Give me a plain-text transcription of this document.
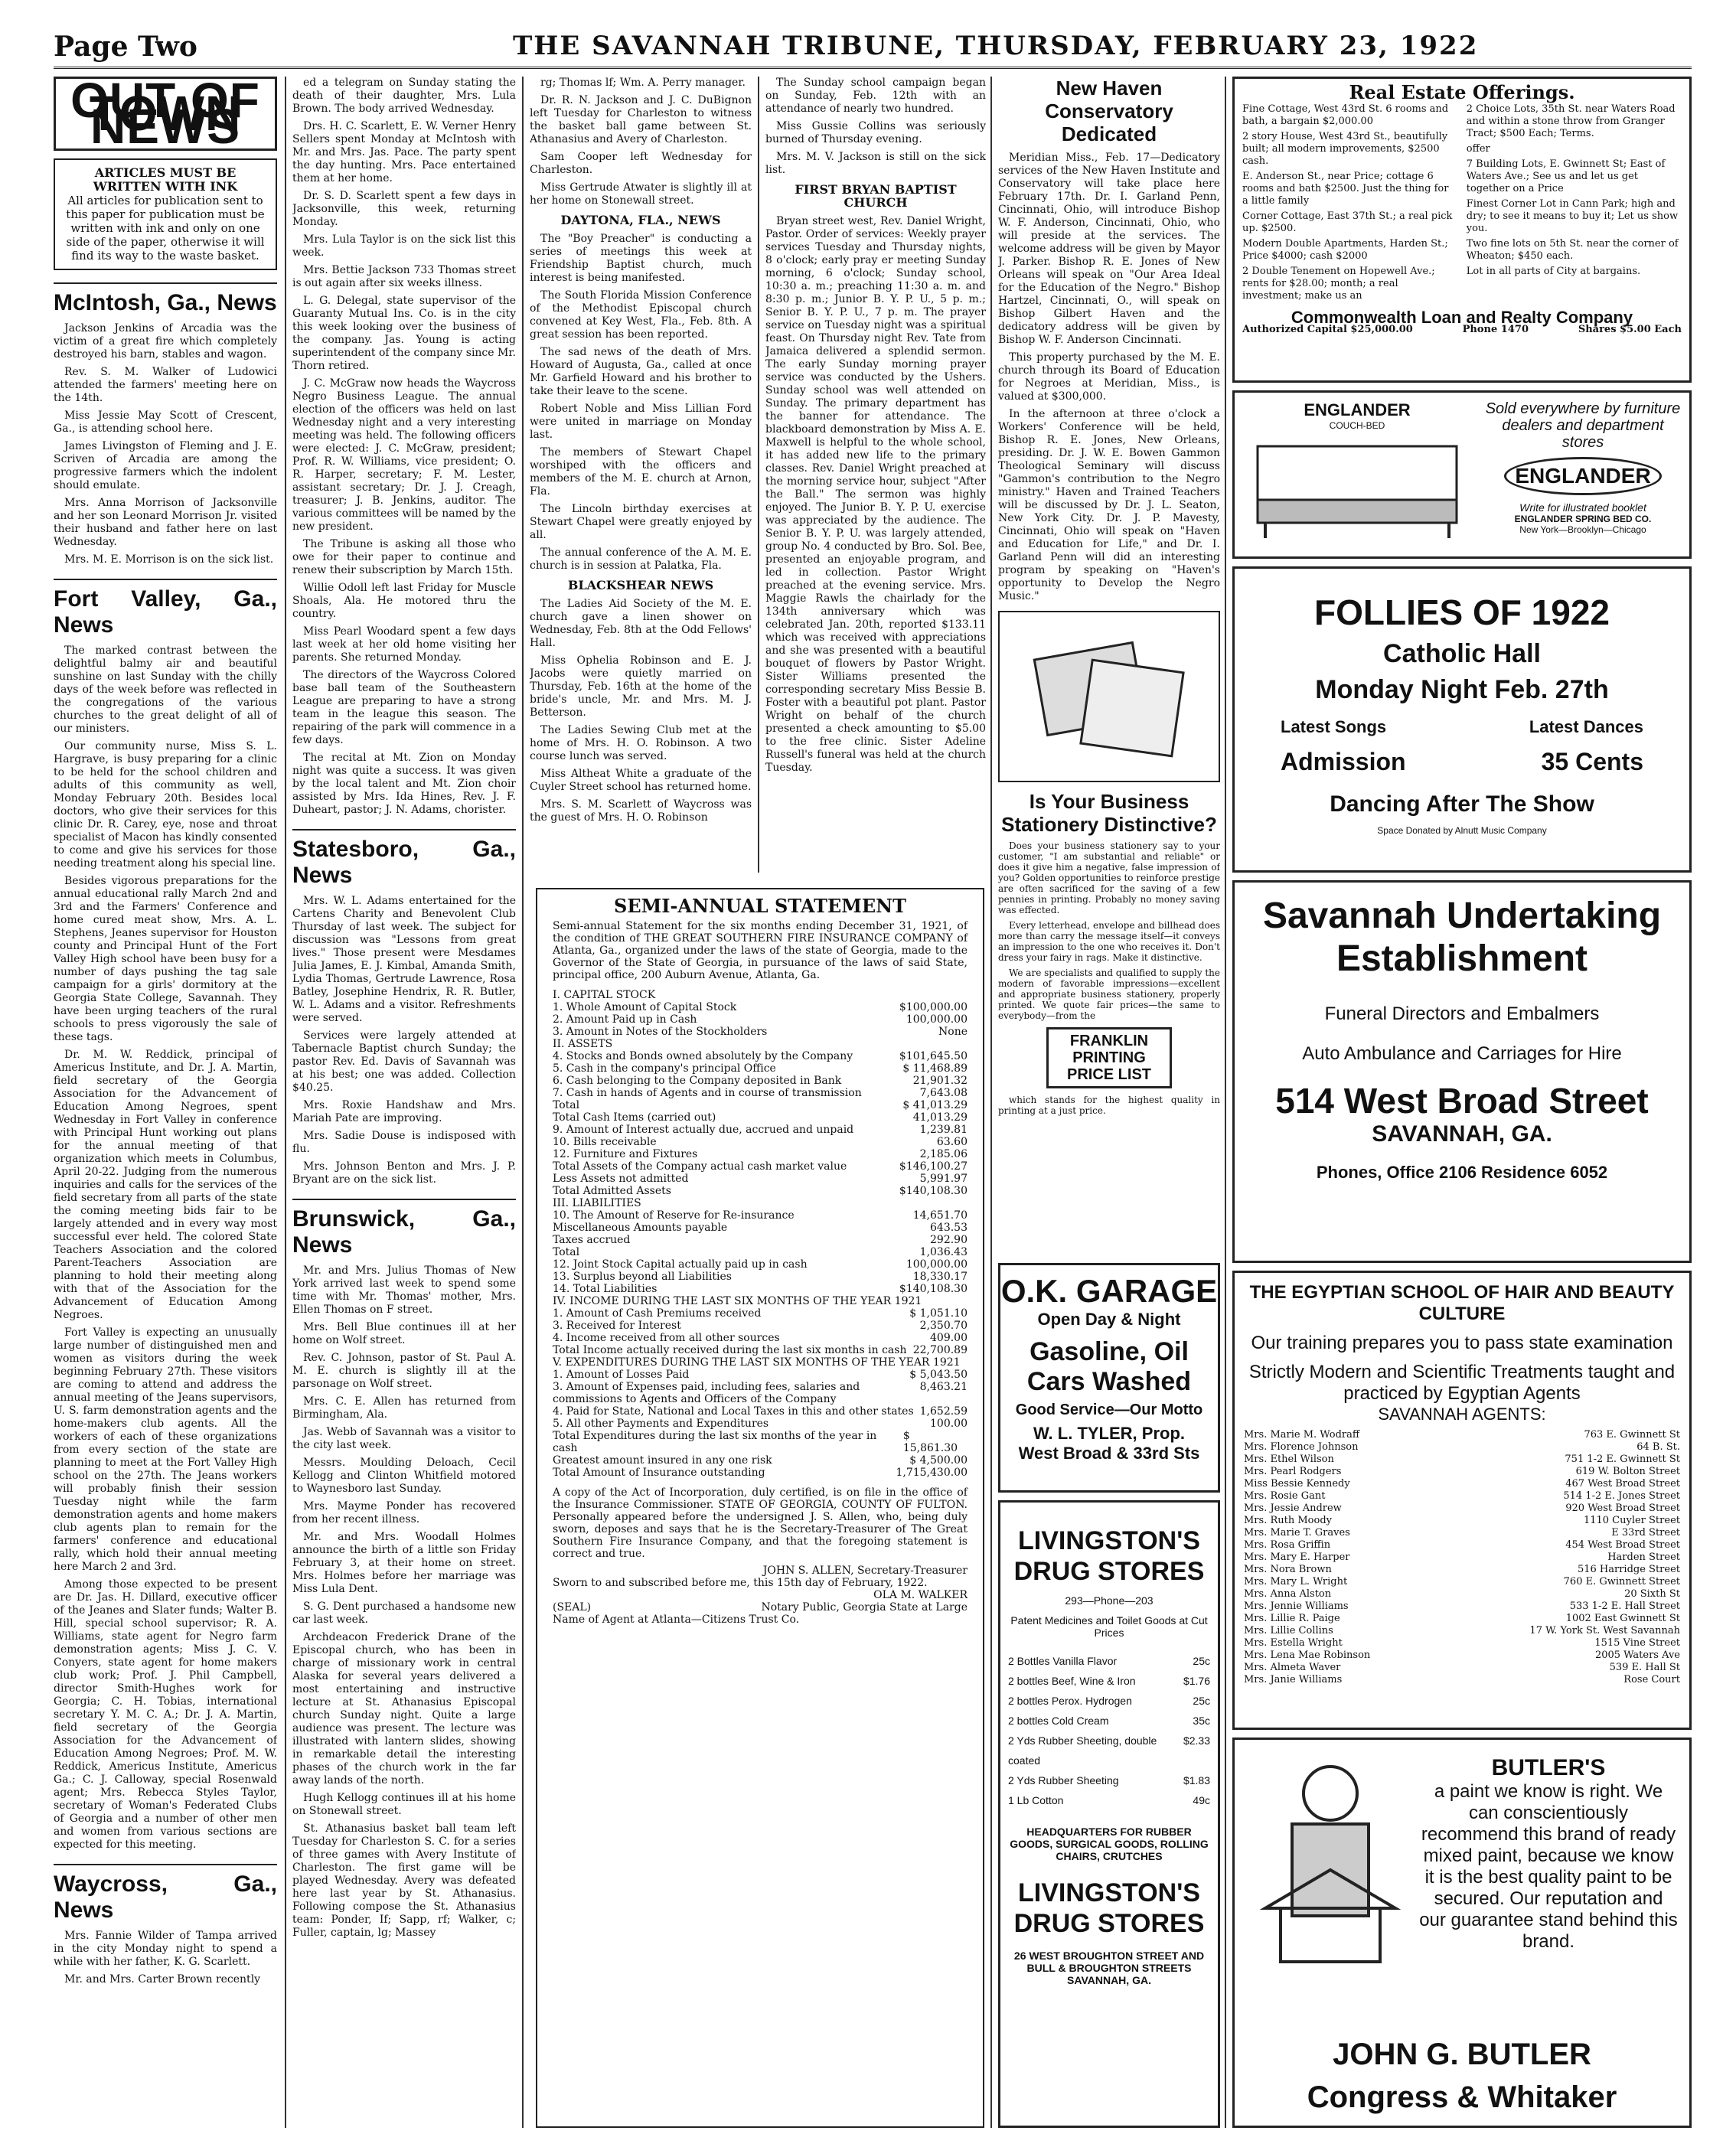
Page Two	THE SAVANNAH TRIBUNE, THURSDAY, FEBRUARY 23, 1922
OUT OF TOWN NEWS
ARTICLES MUST BE WRITTEN WITH INK
All articles for publication sent to this paper for publication must be written with ink and only on one side of the paper, otherwise it will find its way to the waste basket.
McIntosh, Ga., News

Jackson Jenkins of Arcadia was the victim of a great fire which completely destroyed his barn, stables and wagon.

Rev. S. M. Walker of Ludowici attended the farmers' meeting here on the 14th.

Miss Jessie May Scott of Crescent, Ga., is attending school here.

James Livingston of Fleming and J. E. Scriven of Arcadia are among the progressive farmers which the indolent should emulate.

Mrs. Anna Morrison of Jacksonville and her son Leonard Morrison Jr. visited their husband and father here on last Wednesday.

Mrs. M. E. Morrison is on the sick list.

Fort Valley, Ga., News

The marked contrast between the delightful balmy air and beautiful sunshine on last Sunday with the chilly days of the week before was reflected in the congregations of the various churches to the great delight of all of our ministers.

Our community nurse, Miss S. L. Hargrave, is busy preparing for a clinic to be held for the school children and adults of this community as well, Monday February 20th. Besides local doctors, who give their services for this clinic Dr. R. Carey, eye, nose and throat specialist of Macon has kindly consented to come and give his services for those needing treatment along his special line.

Besides vigorous preparations for the annual educational rally March 2nd and 3rd and the Farmers' Conference and home cured meat show, Mrs. A. L. Stephens, Jeanes supervisor for Houston county and Principal Hunt of the Fort Valley High school have been busy for a number of days pushing the tag sale campaign for a girls' dormitory at the Georgia State College, Savannah. They have been urging teachers of the rural schools to press vigorously the sale of these tags.

Dr. M. W. Reddick, principal of Americus Institute, and Dr. J. A. Martin, field secretary of the Georgia Association for the Advancement of Education Among Negroes, spent Wednesday in Fort Valley in conference with Principal Hunt working out plans for the annual meeting of that organization which meets in Columbus, April 20-22. Judging from the numerous inquiries and calls for the services of the field secretary from all parts of the state the coming meeting bids fair to be largely attended and in every way most successful ever held. The colored State Teachers Association and the colored Parent-Teachers Association are planning to hold their meeting along with that of the Association for the Advancement of Education Among Negroes.

Fort Valley is expecting an unusually large number of distinguished men and women as visitors during the week beginning February 27th. These visitors are coming to attend and address the annual meeting of the Jeans supervisors, U. S. farm demonstration agents and the home-makers club agents. All the workers of each of these organizations from every section of the state are planning to meet at the Fort Valley High school on the 27th. The Jeans workers will probably finish their session Tuesday night while the farm demonstration agents and home makers club agents plan to remain for the farmers' conference and educational rally, which hold their annual meeting here March 2 and 3rd.

Among those expected to be present are Dr. Jas. H. Dillard, executive officer of the Jeanes and Slater funds; Walter B. Hill, special school supervisor; R. A. Williams, state agent for Negro farm demonstration agents; Miss J. C. V. Conyers, state agent for home makers club work; Prof. J. Phil Campbell, director Smith-Hughes work for Georgia; C. H. Tobias, international secretary Y. M. C. A.; Dr. J. A. Martin, field secretary of the Georgia Association for the Advancement of Education Among Negroes; Prof. M. W. Reddick, Americus Institute, Americus Ga.; C. J. Calloway, special Rosenwald agent; Mrs. Rebecca Styles Taylor, secretary of Woman's Federated Clubs of Georgia and a number of other men and women from various sections are expected for this meeting.

Waycross, Ga., News

Mrs. Fannie Wilder of Tampa arrived in the city Monday night to spend a while with her father, K. G. Scarlett.

Mr. and Mrs. Carter Brown recently

ed a telegram on Sunday stating the death of their daughter, Mrs. Lula Brown. The body arrived Wednesday.

Drs. H. C. Scarlett, E. W. Verner Henry Sellers spent Monday at McIntosh with Mr. and Mrs. Jas. Pace. The party spent the day hunting. Mrs. Pace entertained them at her home.

Dr. S. D. Scarlett spent a few days in Jacksonville, this week, returning Monday.

Mrs. Lula Taylor is on the sick list this week.

Mrs. Bettie Jackson 733 Thomas street is out again after six weeks illness.

L. G. Delegal, state supervisor of the Guaranty Mutual Ins. Co. is in the city this week looking over the business of the company. Jas. Young is acting superintendent of the company since Mr. Thorn retired.

J. C. McGraw now heads the Waycross Negro Business League. The annual election of the officers was held on last Wednesday night and a very interesting meeting was held. The following officers were elected: J. C. McGraw, president; Prof. R. W. Williams, vice president; O. R. Harper, secretary; F. M. Lester, assistant secretary; Dr. J. J. Creagh, treasurer; J. B. Jenkins, auditor. The various committees will be named by the new president.

The Tribune is asking all those who owe for their paper to continue and renew their subscription by March 15th.

Willie Odoll left last Friday for Muscle Shoals, Ala. He motored thru the country.

Miss Pearl Woodard spent a few days last week at her old home visiting her parents. She returned Monday.

The directors of the Waycross Colored base ball team of the Southeastern League are preparing to have a strong team in the league this season. The repairing of the park will commence in a few days.

The recital at Mt. Zion on Monday night was quite a success. It was given by the local talent and Mt. Zion choir assisted by Mrs. Ida Hines, Rev. J. F. Duheart, pastor; J. N. Adams, chorister.

Statesboro, Ga., News

Mrs. W. L. Adams entertained for the Cartens Charity and Benevolent Club Thursday of last week. The subject for discussion was "Lessons from great lives." Those present were Mesdames Julia James, E. J. Kimbal, Amanda Smith, Lydia Thomas, Gertrude Lawrence, Rosa Batley, Josephine Hendrix, R. R. Butler, W. L. Adams and a visitor. Refreshments were served.

Services were largely attended at Tabernacle Baptist church Sunday; the pastor Rev. Ed. Davis of Savannah was at his best; one was added. Collection $40.25.

Mrs. Roxie Handshaw and Mrs. Mariah Pate are improving.

Mrs. Sadie Douse is indisposed with flu.

Mrs. Johnson Benton and Mrs. J. P. Bryant are on the sick list.

Brunswick, Ga., News

Mr. and Mrs. Julius Thomas of New York arrived last week to spend some time with Mr. Thomas' mother, Mrs. Ellen Thomas on F street.

Mrs. Bell Blue continues ill at her home on Wolf street.

Rev. C. Johnson, pastor of St. Paul A. M. E. church is slightly ill at the parsonage on Wolf street.

Mrs. C. E. Allen has returned from Birmingham, Ala.

Jas. Webb of Savannah was a visitor to the city last week.

Messrs. Moulding Deloach, Cecil Kellogg and Clinton Whitfield motored to Waynesboro last Sunday.

Mrs. Mayme Ponder has recovered from her recent illness.

Mr. and Mrs. Woodall Holmes announce the birth of a little son Friday February 3, at their home on street. Mrs. Holmes before her marriage was Miss Lula Dent.

S. G. Dent purchased a handsome new car last week.

Archdeacon Frederick Drane of the Episcopal church, who has been in charge of missionary work in central Alaska for several years delivered a most entertaining and instructive lecture at St. Athanasius Episcopal church Sunday night. Quite a large audience was present. The lecture was illustrated with lantern slides, showing in remarkable detail the interesting phases of the church work in the far away lands of the north.

Hugh Kellogg continues ill at his home on Stonewall street.

St. Athanasius basket ball team left Tuesday for Charleston S. C. for a series of three games with Avery Institute of Charleston. The first game will be played Wednesday. Avery was defeated here last year by St. Athanasius. Following compose the St. Athanasius team: Ponder, If; Sapp, rf; Walker, c; Fuller, captain, lg; Massey

rg; Thomas lf; Wm. A. Perry manager.

Dr. R. N. Jackson and J. C. DuBignon left Tuesday for Charleston to witness the basket ball game between St. Athanasius and Avery of Charleston.

Sam Cooper left Wednesday for Charleston.

Miss Gertrude Atwater is slightly ill at her home on Stonewall street.

DAYTONA, FLA., NEWS

The "Boy Preacher" is conducting a series of meetings this week at Friendship Baptist church, much interest is being manifested.

The South Florida Mission Conference of the Methodist Episcopal church convened at Key West, Fla., Feb. 8th. A great session has been reported.

The sad news of the death of Mrs. Howard of Augusta, Ga., called at once Mr. Garfield Howard and his brother to take their leave to the scene.

Robert Noble and Miss Lillian Ford were united in marriage on Monday last.

The members of Stewart Chapel worshiped with the officers and members of the M. E. church at Arnon, Fla.

The Lincoln birthday exercises at Stewart Chapel were greatly enjoyed by all.

The annual conference of the A. M. E. church is in session at Palatka, Fla.

BLACKSHEAR NEWS

The Ladies Aid Society of the M. E. church gave a linen shower on Wednesday, Feb. 8th at the Odd Fellows' Hall.

Miss Ophelia Robinson and E. J. Jacobs were quietly married on Thursday, Feb. 16th at the home of the bride's uncle, Mr. and Mrs. M. J. Betterson.

The Ladies Sewing Club met at the home of Mrs. H. O. Robinson. A two course lunch was served.

Miss Altheat White a graduate of the Cuyler Street school has returned home.

Mrs. S. M. Scarlett of Waycross was the guest of Mrs. H. O. Robinson

The Sunday school campaign began on Sunday, Feb. 12th with an attendance of nearly two hundred.

Miss Gussie Collins was seriously burned of Thursday evening.

Mrs. M. V. Jackson is still on the sick list.

FIRST BRYAN BAPTIST CHURCH

Bryan street west, Rev. Daniel Wright, Pastor. Order of services: Weekly prayer services Tuesday and Thursday nights, 8 o'clock; early pray er meeting Sunday morning, 6 o'clock; Sunday school, 10:30 a. m.; preaching 11:30 a. m. and 8:30 p. m.; Junior B. Y. P. U., 5 p. m.; Senior B. Y. P. U., 7 p. m. The prayer service on Tuesday night was a spiritual feast. On Thursday night Rev. Tate from Jamaica delivered a splendid sermon. The early Sunday morning prayer service was conducted by the Ushers. Sunday school was well attended on Sunday. The primary department has the banner for attendance. The blackboard demonstration by Miss A. E. Maxwell is helpful to the whole school, it has added new life to the primary classes. Rev. Daniel Wright preached at the morning service hour, subject "After the Ball." The sermon was highly enjoyed. The Junior B. Y. P. U. exercise was appreciated by the audience. The Senior B. Y. P. U. was largely attended, group No. 4 conducted by Bro. Sol. Bee, presented an enjoyable program, and led in collection. Pastor Wright preached at the evening service. Mrs. Maggie Rawls the chairlady for the 134th anniversary which was celebrated Jan. 20th, reported $133.11 which was received with appreciations and she was presented with a beautiful bouquet of flowers by Pastor Wright. Sister Williams presented the corresponding secretary Miss Bessie B. Foster with a beautiful pot plant. Pastor Wright on behalf of the church presented a check amounting to $5.00 to the free clinic. Sister Adeline Russell's funeral was held at the church Tuesday.

SEMI-ANNUAL STATEMENT
Semi-annual Statement for the six months ending December 31, 1921, of the condition of THE GREAT SOUTHERN FIRE INSURANCE COMPANY of Atlanta, Ga., organized under the laws of the state of Georgia, made to the Governor of the State of Georgia, in pursuance of the laws of said State, principal office, 200 Auburn Avenue, Atlanta, Ga.
I. CAPITAL STOCK
1. Whole Amount of Capital Stock	$100,000.00
2. Amount Paid up in Cash	100,000.00
3. Amount in Notes of the Stockholders	None
II. ASSETS
4. Stocks and Bonds owned absolutely by the Company	$101,645.50
5. Cash in the company's principal Office	$ 11,468.89
6. Cash belonging to the Company deposited in Bank	21,901.32
7. Cash in hands of Agents and in course of transmission	7,643.08
Total	$ 41,013.29
Total Cash Items (carried out)	41,013.29
9. Amount of Interest actually due, accrued and unpaid	1,239.81
10. Bills receivable	63.60
12. Furniture and Fixtures	2,185.06
Total Assets of the Company actual cash market value	$146,100.27
Less Assets not admitted	5,991.97
Total Admitted Assets	$140,108.30
III. LIABILITIES
10. The Amount of Reserve for Re-insurance	14,651.70
Miscellaneous Amounts payable	643.53
Taxes accrued	292.90
Total	1,036.43
12. Joint Stock Capital actually paid up in cash	100,000.00
13. Surplus beyond all Liabilities	18,330.17
14. Total Liabilities	$140,108.30
IV. INCOME DURING THE LAST SIX MONTHS OF THE YEAR 1921
1. Amount of Cash Premiums received	$ 1,051.10
3. Received for Interest	2,350.70
4. Income received from all other sources	409.00
Total Income actually received during the last six months in cash 22,700.89
V. EXPENDITURES DURING THE LAST SIX MONTHS OF THE YEAR 1921
1. Amount of Losses Paid	$ 5,043.50
3. Amount of Expenses paid, including fees, salaries and commissions to Agents and Officers of the Company
8,463.21
4. Paid for State, National and Local Taxes in this and other states 1,652.59
5. All other Payments and Expenditures	100.00
Total Expenditures during the last six months of the year in cash
$ 15,861.30
Greatest amount insured in any one risk	$ 4,500.00
Total Amount of Insurance outstanding	1,715,430.00
A copy of the Act of Incorporation, duly certified, is on file in the office of the Insurance Commissioner. STATE OF GEORGIA, COUNTY OF FULTON. Personally appeared before the undersigned J. S. Allen, who, being duly sworn, deposes and says that he is the Secretary-Treasurer of The Great Southern Fire Insurance Company, and that the foregoing statement is correct and true.
JOHN S. ALLEN, Secretary-Treasurer
Sworn to and subscribed before me, this 15th day of February, 1922.
OLA M. WALKER
(SEAL)	Notary Public, Georgia State at Large
Name of Agent at Atlanta—Citizens Trust Co.
New Haven Conservatory Dedicated

Meridian Miss., Feb. 17—Dedicatory services of the New Haven Institute and Conservatory will take place here February 17th. Dr. I. Garland Penn, Cincinnati, Ohio, will introduce Bishop W. F. Anderson, Cincinnati, Ohio, who will preside at the services. The welcome address will be given by Mayor J. Parker. Bishop R. E. Jones of New Orleans will speak on "Our Area Ideal for the Education of the Negro." Bishop Hartzel, Cincinnati, O., will speak on Bishop Gilbert Haven and the dedicatory address will be given by Bishop W. F. Anderson Cincinnati.

This property purchased by the M. E. church through its Board of Education for Negroes at Meridian, Miss., is valued at $300,000.

In the afternoon at three o'clock a Workers' Conference will be held, Bishop R. E. Jones, New Orleans, presiding. Dr. J. W. E. Bowen Gammon Theological Seminary will discuss "Gammon's contribution to the Negro ministry." Haven and Trained Teachers will be discussed by Dr. J. L. Seaton, New York City. Dr. J. P. Mavesty, Cincinnati, Ohio will speak on "Haven and Education for Life," and Dr. I. Garland Penn will did an interesting program by speaking on "Haven's opportunity to Develop the Negro Music."

Is Your Business Stationery Distinctive?

Does your business stationery say to your customer, "I am substantial and reliable" or does it give him a negative, false impression of you? Golden opportunities to reinforce prestige are often sacrificed for the saving of a few pennies in printing. Probably no money saving was effected.

Every letterhead, envelope and billhead does more than carry the message itself—it conveys an impression to the one who receives it. Don't dress your fairy in rags. Make it distinctive.

We are specialists and qualified to supply the modern of favorable impressions—excellent and appropriate business stationery, properly printed. We quote fair prices—the same to everybody—from the

FRANKLIN
PRINTING
PRICE LIST

which stands for the highest quality in printing at a just price.

O.K. GARAGE
Open Day & Night
Gasoline, Oil
Cars Washed
Good Service—Our Motto
W. L. TYLER, Prop.
West Broad & 33rd Sts
LIVINGSTON'S DRUG STORES
293—Phone—203
Patent Medicines and Toilet Goods at Cut Prices
2 Bottles Vanilla Flavor	25c
2 bottles Beef, Wine & Iron	$1.76
2 bottles Perox. Hydrogen	25c
2 bottles Cold Cream	35c
2 Yds Rubber Sheeting, double coated
$2.33
2 Yds Rubber Sheeting	$1.83
1 Lb Cotton	49c
HEADQUARTERS FOR RUBBER GOODS, SURGICAL GOODS, ROLLING CHAIRS, CRUTCHES
LIVINGSTON'S DRUG STORES
26 WEST BROUGHTON STREET AND BULL & BROUGHTON STREETS SAVANNAH, GA.
Real Estate Offerings.
Fine Cottage, West 43rd St. 6 rooms and bath, a bargain $2,000.00
2 story House, West 43rd St., beautifully built; all modern improvements, $2500 cash.
E. Anderson St., near Price; cottage 6 rooms and bath $2500. Just the thing for a little family
Corner Cottage, East 37th St.; a real pick up. $2500.
Modern Double Apartments, Harden St.; Price $4000; cash $2000
2 Double Tenement on Hopewell Ave.; rents for $28.00; month; a real investment; make us an
2 Choice Lots, 35th St. near Waters Road and within a stone throw from Granger Tract; $500 Each; Terms.
offer
7 Building Lots, E. Gwinnett St; East of Waters Ave.; See us and let us get together on a Price
Finest Corner Lot in Cann Park; high and dry; to see it means to buy it; Let us show you.
Two fine lots on 5th St. near the corner of Wheaton; $450 each.
Lot in all parts of City at bargains.
Commonwealth Loan and Realty Company
Authorized Capital $25,000.00	Phone 1470	Shares $5.00 Each
ENGLANDER
COUCH-BED
Sold everywhere by furniture dealers and department stores
ENGLANDER
Write for illustrated booklet
ENGLANDER SPRING BED CO.
New York—Brooklyn—Chicago
FOLLIES OF 1922
Catholic Hall
Monday Night Feb. 27th
Latest Songs	Latest Dances
Admission	35 Cents
Dancing After The Show
Space Donated by Alnutt Music Company
Savannah Undertaking Establishment
Funeral Directors and Embalmers
Auto Ambulance and Carriages for Hire
514 West Broad Street
SAVANNAH, GA.
Phones, Office 2106 Residence 6052
THE EGYPTIAN SCHOOL OF HAIR AND BEAUTY CULTURE
Our training prepares you to pass state examination
Strictly Modern and Scientific Treatments taught and practiced by Egyptian Agents
SAVANNAH AGENTS:
Mrs. Marie M. Wodraff	763 E. Gwinnett St
Mrs. Florence Johnson	64 B. St.
Mrs. Ethel Wilson	751 1-2 E. Gwinnett St
Mrs. Pearl Rodgers	619 W. Bolton Street
Miss Bessie Kennedy	467 West Broad Street
Mrs. Rosie Gant	514 1-2 E. Jones Street
Mrs. Jessie Andrew	920 West Broad Street
Mrs. Ruth Moody	1110 Cuyler Street
Mrs. Marie T. Graves	E 33rd Street
Mrs. Rosa Griffin	454 West Broad Street
Mrs. Mary E. Harper	Harden Street
Mrs. Nora Brown	516 Harridge Street
Mrs. Mary L. Wright	760 E. Gwinnett Street
Mrs. Anna Alston	20 Sixth St
Mrs. Jennie Williams	533 1-2 E. Hall Street
Mrs. Lillie R. Paige	1002 East Gwinnett St
Mrs. Lillie Collins	17 W. York St. West Savannah
Mrs. Estella Wright	1515 Vine Street
Mrs. Lena Mae Robinson	2005 Waters Ave
Mrs. Almeta Waver	539 E. Hall St
Mrs. Janie Williams	Rose Court
BUTLER'S
a paint we know is right. We can conscientiously recommend this brand of ready mixed paint, because we know it is the best quality paint to be secured. Our reputation and our guarantee stand behind this brand.
JOHN G. BUTLER
Congress & Whitaker
